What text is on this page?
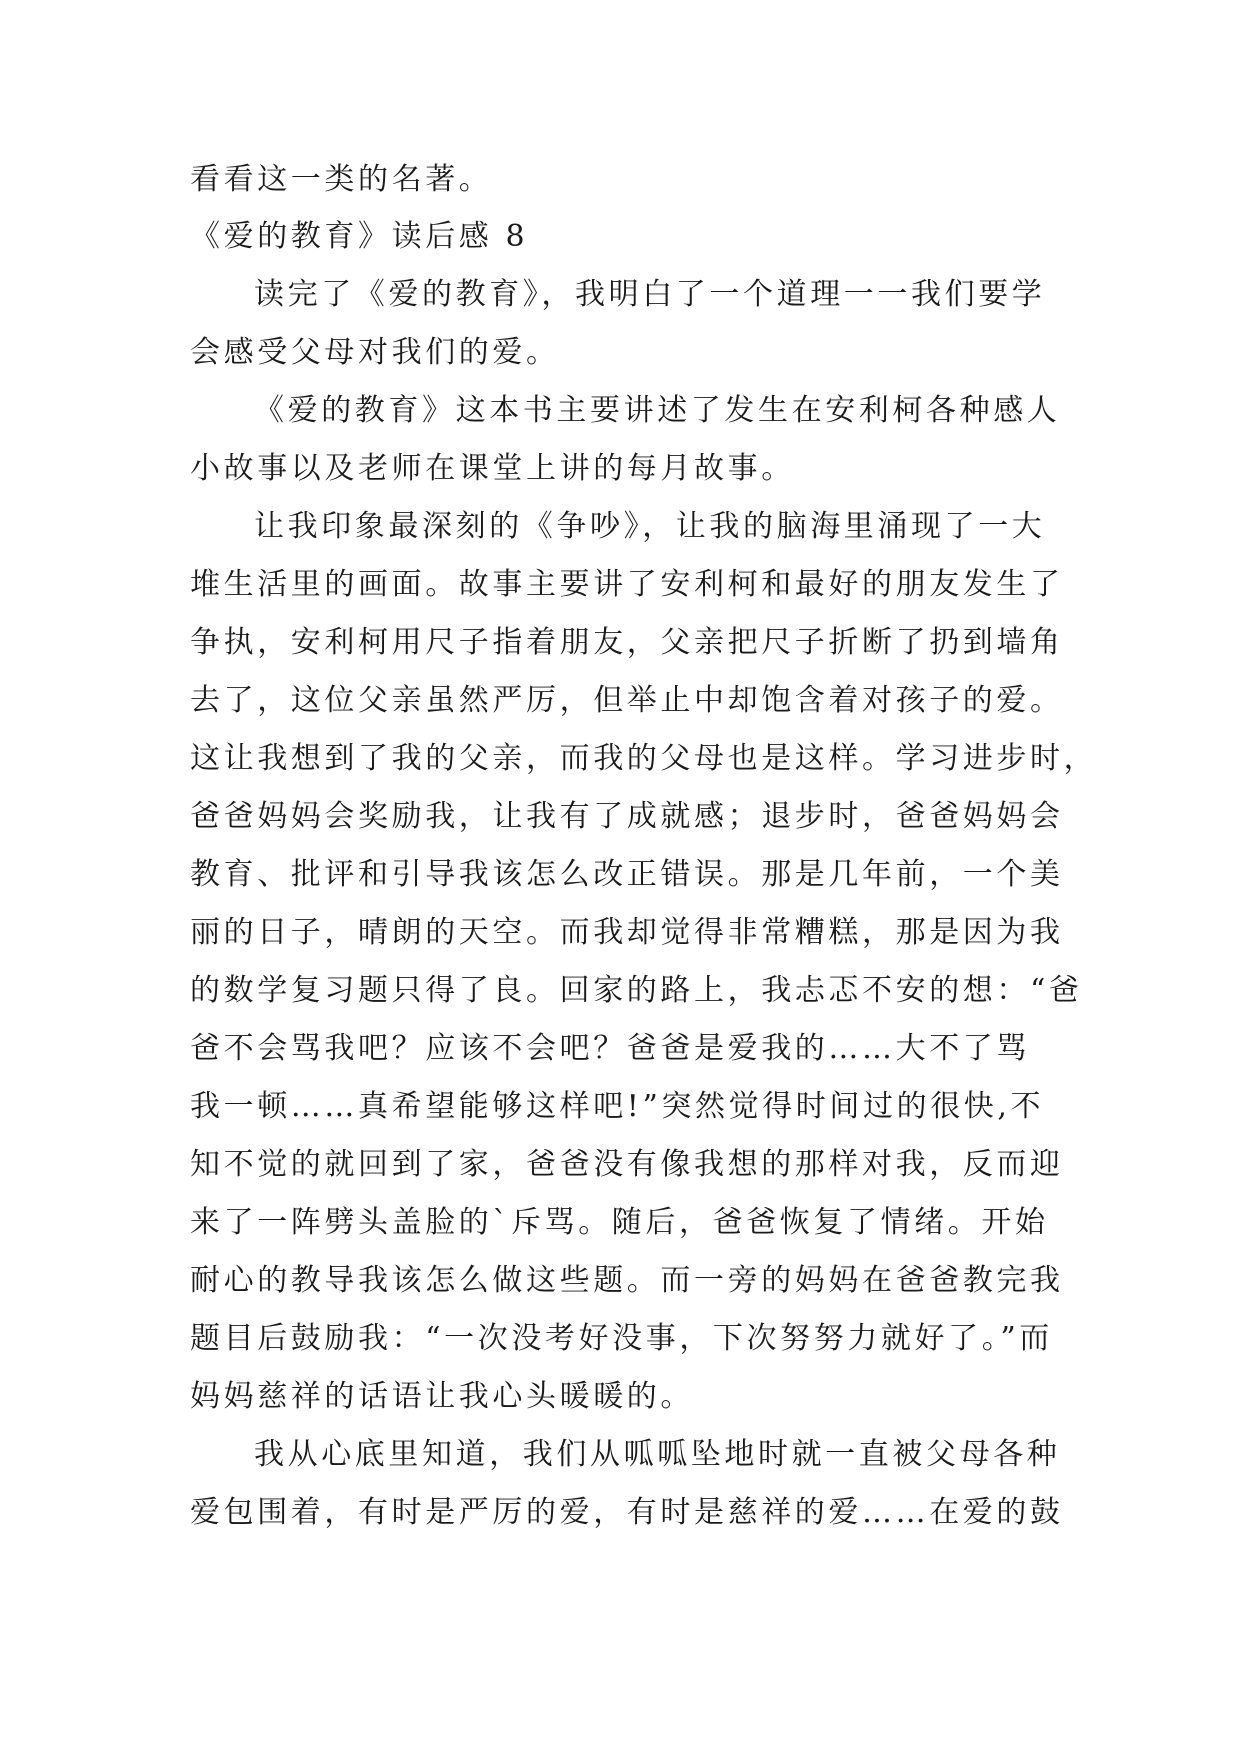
看看这一类的名著。

《爱的教育》读后感 8

读完了《爱的教育》，我明白了一个道理一一我们要学

会感受父母对我们的爱。

《爱的教育》这本书主要讲述了发生在安利柯各种感人

小故事以及老师在课堂上讲的每月故事。

让我印象最深刻的《争吵》，让我的脑海里涌现了一大

堆生活里的画面。故事主要讲了安利柯和最好的朋友发生了

争执，安利柯用尺子指着朋友，父亲把尺子折断了扔到墙角

去了，这位父亲虽然严厉，但举止中却饱含着对孩子的爱。

这让我想到了我的父亲，而我的父母也是这样。学习进步时，

爸爸妈妈会奖励我，让我有了成就感；退步时，爸爸妈妈会

教育、批评和引导我该怎么改正错误。那是几年前，一个美

丽的日子，晴朗的天空。而我却觉得非常糟糕，那是因为我

的数学复习题只得了良。回家的路上，我忐忑不安的想：“爸

爸不会骂我吧？应该不会吧？爸爸是爱我的……大不了骂

我一顿……真希望能够这样吧!”突然觉得时间过的很快,不

知不觉的就回到了家，爸爸没有像我想的那样对我，反而迎

来了一阵劈头盖脸的`斥骂。随后，爸爸恢复了情绪。开始

耐心的教导我该怎么做这些题。而一旁的妈妈在爸爸教完我

题目后鼓励我：“一次没考好没事，下次努努力就好了。”而

妈妈慈祥的话语让我心头暖暖的。

我从心底里知道，我们从呱呱坠地时就一直被父母各种

爱包围着，有时是严厉的爱，有时是慈祥的爱……在爱的鼓
